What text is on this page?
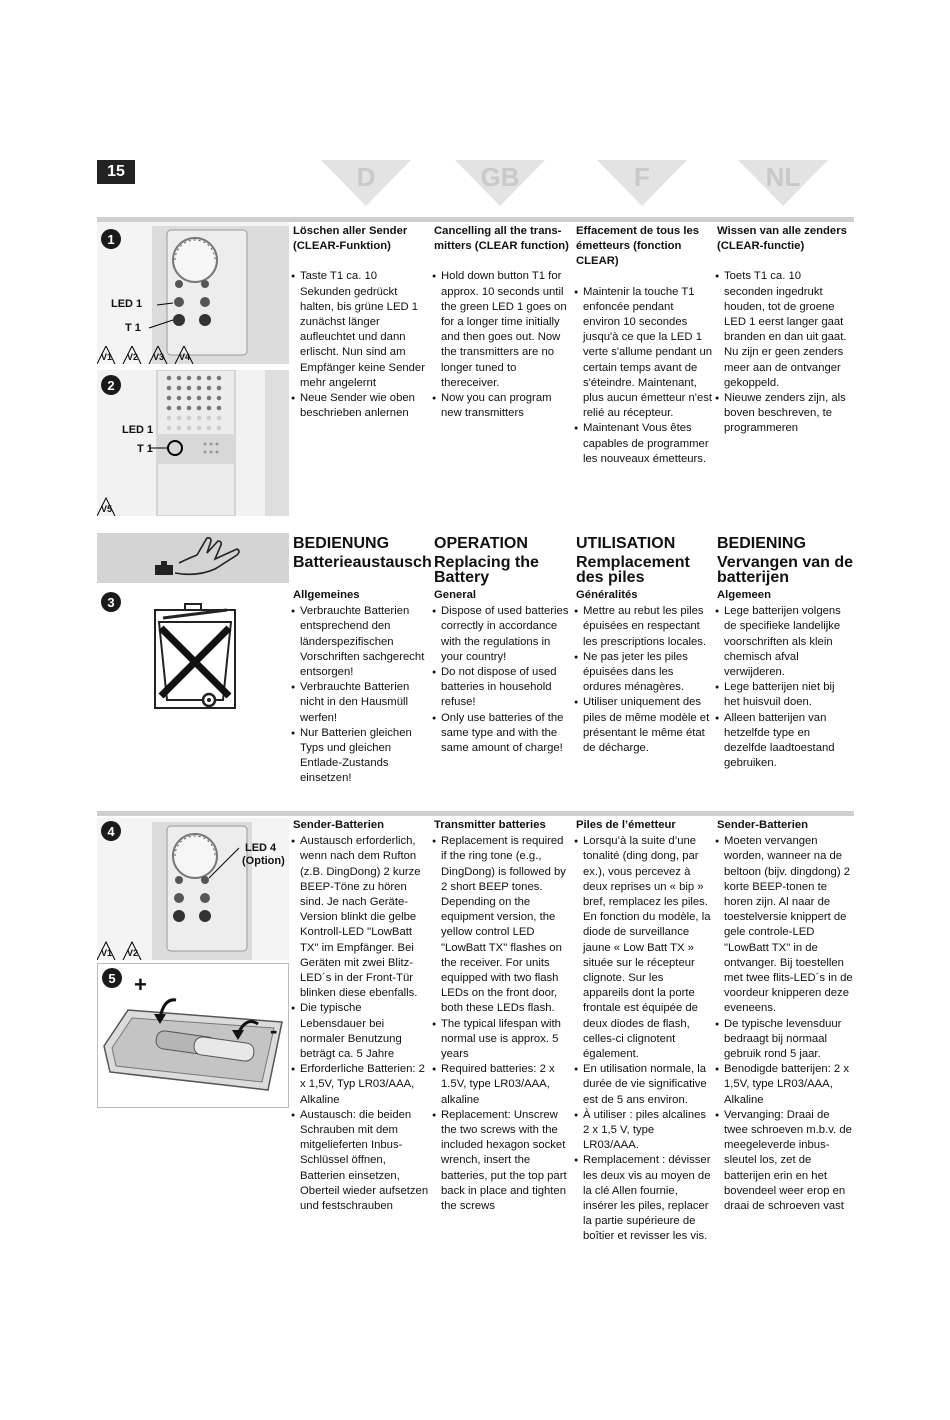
15	D	GB	F	NL
1
LED 1
T 1
V1 V2 V3 V4
2
LED 1
T 1
V5
Löschen aller Sender (CLEAR-Funktion)
● Taste T1 ca. 10 Sekunden gedrückt halten, bis grüne LED 1 zunächst länger aufleuchtet und dann erlischt. Nun sind am Empfänger keine Sender mehr angelernt
● Neue Sender wie oben beschrieben anlernen
Cancelling all the trans-mitters (CLEAR function)
● Hold down button T1 for approx. 10 seconds until the green LED 1 goes on for a longer time initially and then goes out. Now the transmitters are no longer tuned to thereceiver.
● Now you can program new transmitters
Effacement de tous les émetteurs (fonction CLEAR)
● Maintenir la touche T1 enfoncée pendant environ 10 secondes jusqu'à ce que la LED 1 verte s'allume pendant un certain temps avant de s'éteindre. Maintenant, plus aucun émetteur n'est relié au récepteur.
● Maintenant Vous êtes capables de programmer les nouveaux émetteurs.
Wissen van alle zenders (CLEAR-functie)
● Toets T1 ca. 10 seconden ingedrukt houden, tot de groene LED 1 eerst langer gaat branden en dan uit gaat. Nu zijn er geen zenders meer aan de ontvanger gekoppeld.
● Nieuwe zenders zijn, als boven beschreven, te programmeren
BEDIENUNG
Batterieaustausch
OPERATION
Replacing the Battery
UTILISATION
Remplacement des piles
BEDIENING
Vervangen van de batterijen
3	Allgemeines
● Verbrauchte Batterien entsprechend den länderspezifischen Vorschriften sachgerecht entsorgen!
● Verbrauchte Batterien nicht in den Hausmüll werfen!
● Nur Batterien gleichen Typs und gleichen Entlade-Zustands einsetzen!
General
● Dispose of used batteries correctly in accordance with the regulations in your country!
● Do not dispose of used batteries in household refuse!
● Only use batteries of the same type and with the same amount of charge!
Généralités
● Mettre au rebut les piles épuisées en respectant les prescriptions locales.
● Ne pas jeter les piles épuisées dans les ordures ménagères.
● Utiliser uniquement des piles de même modèle et présentant le même état de décharge.
Algemeen
● Lege batterijen volgens de specifieke landelijke voorschriften als klein chemisch afval verwijderen.
● Lege batterijen niet bij het huisvuil doen.
● Alleen batterijen van hetzelfde type en dezelfde laadtoestand gebruiken.
4
LED 4
(Option)
V1 V2
5 +
-
Sender-Batterien
● Austausch erforderlich, wenn nach dem Rufton (z.B. DingDong) 2 kurze BEEP-Töne zu hören sind. Je nach Geräte-Version blinkt die gelbe Kontroll-LED "LowBatt TX" im Empfänger. Bei Geräten mit zwei Blitz-LED´s in der Front-Tür blinken diese ebenfalls.
● Die typische Lebensdauer bei normaler Benutzung beträgt ca. 5 Jahre
● Erforderliche Batterien: 2 x 1,5V, Typ LR03/AAA, Alkaline
● Austausch: die beiden Schrauben mit dem mitgelieferten Inbus-Schlüssel öffnen, Batterien einsetzen, Oberteil wieder aufsetzen und festschrauben
Transmitter batteries
● Replacement is required if the ring tone (e.g., DingDong) is followed by 2 short BEEP tones. Depending on the equipment version, the yellow control LED "LowBatt TX" flashes on the receiver. For units equipped with two flash LEDs on the front door, both these LEDs flash.
● The typical lifespan with normal use is approx. 5 years
● Required batteries: 2 x 1.5V, type LR03/AAA, alkaline
● Replacement: Unscrew the two screws with the included hexagon socket wrench, insert the batteries, put the top part back in place and tighten the screws
Piles de l’émetteur
● Lorsqu’à la suite d’une tonalité (ding dong, par ex.), vous percevez à deux reprises un « bip » bref, remplacez les piles. En fonction du modèle, la diode de surveillance jaune « Low Batt TX » située sur le récepteur clignote. Sur les appareils dont la porte frontale est équipée de deux diodes de flash, celles-ci clignotent également.
● En utilisation normale, la durée de vie significative est de 5 ans environ.
● À utiliser : piles alcalines 2 x 1,5 V, type LR03/AAA.
● Remplacement : dévisser les deux vis au moyen de la clé Allen fournie, insérer les piles, replacer la partie supérieure de boîtier et revisser les vis.
Sender-Batterien
● Moeten vervangen worden, wanneer na de beltoon (bijv. dingdong) 2 korte BEEP-tonen te horen zijn. Al naar de toestelversie knippert de gele controle-LED "LowBatt TX" in de ontvanger. Bij toestellen met twee flits-LED´s in de voordeur knipperen deze eveneens.
● De typische levensduur bedraagt bij normaal gebruik rond 5 jaar.
● Benodigde batterijen: 2 x 1,5V, type LR03/AAA, Alkaline
● Vervanging: Draai de twee schroeven m.b.v. de meegeleverde inbus-sleutel los, zet de batterijen erin en het bovendeel weer erop en draai de schroeven vast
